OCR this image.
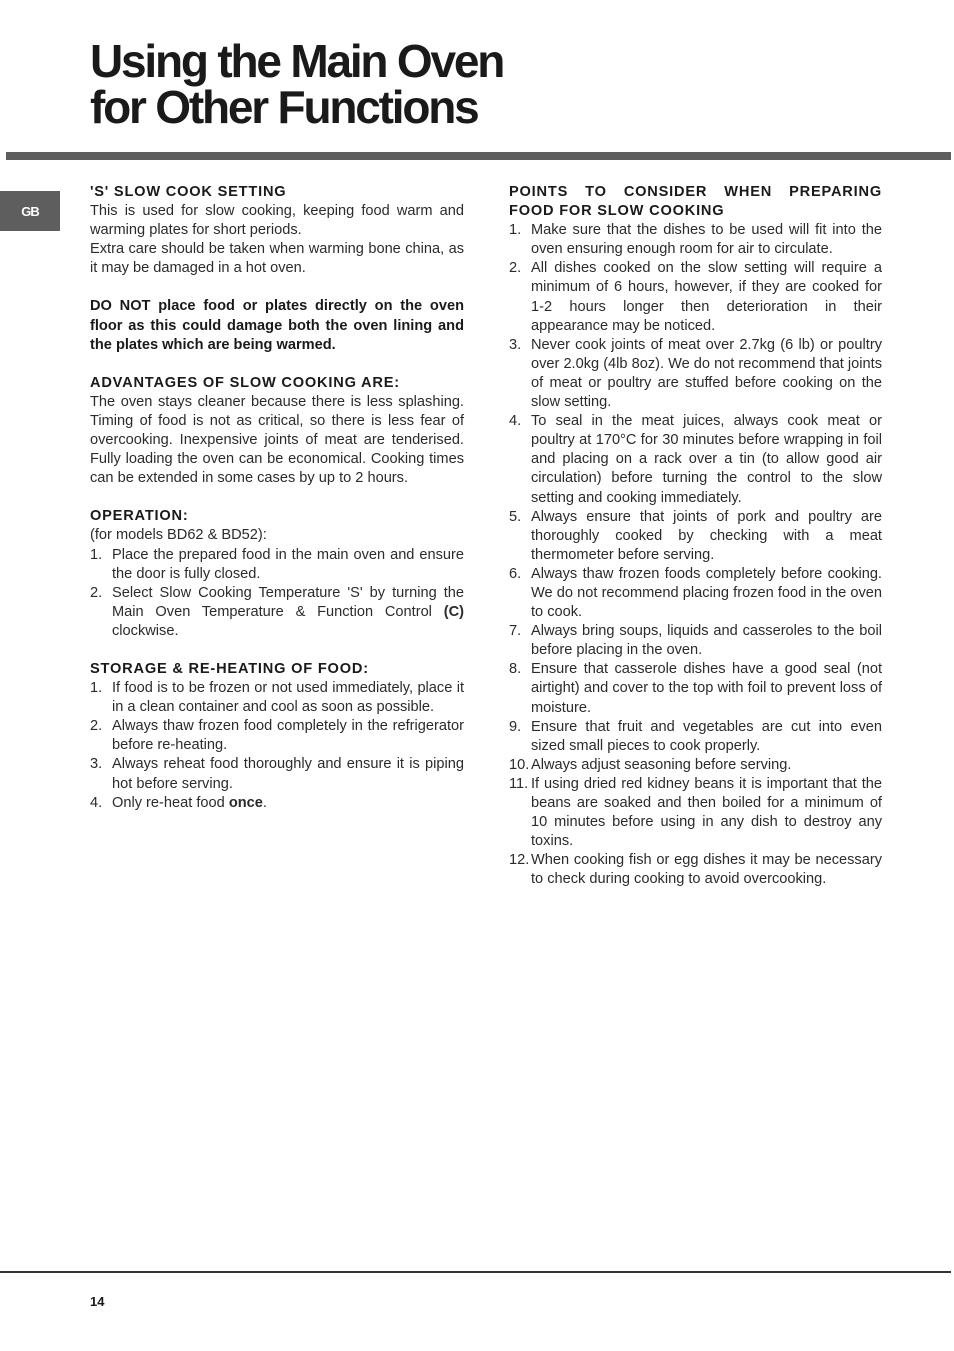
Using the Main Oven
for Other Functions
GB
'S' SLOW COOK SETTING

This is used for slow cooking, keeping food warm and warming plates for short periods.

Extra care should be taken when warming bone china, as it may be damaged in a hot oven.

DO NOT place food or plates directly on the oven floor as this could damage both the oven lining and the plates which are being warmed.

ADVANTAGES OF SLOW COOKING ARE:

The oven stays cleaner because there is less splashing. Timing of food is not as critical, so there is less fear of overcooking. Inexpensive joints of meat are tenderised. Fully loading the oven can be economical. Cooking times can be extended in some cases by up to 2 hours.

OPERATION:

(for models BD62 & BD52):

1. Place the prepared food in the main oven and ensure the door is fully closed.
2. Select Slow Cooking Temperature 'S' by turning the Main Oven Temperature & Function Control (C) clockwise.
STORAGE & RE-HEATING OF FOOD:
1. If food is to be frozen or not used immediately, place it in a clean container and cool as soon as possible.
2. Always thaw frozen food completely in the refrigerator before re-heating.
3. Always reheat food thoroughly and ensure it is piping hot before serving.
4. Only re-heat food once.
POINTS TO CONSIDER WHEN PREPARING FOOD FOR SLOW COOKING
1. Make sure that the dishes to be used will fit into the oven ensuring enough room for air to circulate.
2. All dishes cooked on the slow setting will require a minimum of 6 hours, however, if they are cooked for 1-2 hours longer then deterioration in their appearance may be noticed.
3. Never cook joints of meat over 2.7kg (6 lb) or poultry over 2.0kg (4lb 8oz). We do not recommend that joints of meat or poultry are stuffed before cooking on the slow setting.
4. To seal in the meat juices, always cook meat or poultry at 170°C for 30 minutes before wrapping in foil and placing on a rack over a tin (to allow good air circulation) before turning the control to the slow setting and cooking immediately.
5. Always ensure that joints of pork and poultry are thoroughly cooked by checking with a meat thermometer before serving.
6. Always thaw frozen foods completely before cooking. We do not recommend placing frozen food in the oven to cook.
7. Always bring soups, liquids and casseroles to the boil before placing in the oven.
8. Ensure that casserole dishes have a good seal (not airtight) and cover to the top with foil to prevent loss of moisture.
9. Ensure that fruit and vegetables are cut into even sized small pieces to cook properly.
10. Always adjust seasoning before serving.
11. If using dried red kidney beans it is important that the beans are soaked and then boiled for a minimum of 10 minutes before using in any dish to destroy any toxins.
12. When cooking fish or egg dishes it may be necessary to check during cooking to avoid overcooking.
14
